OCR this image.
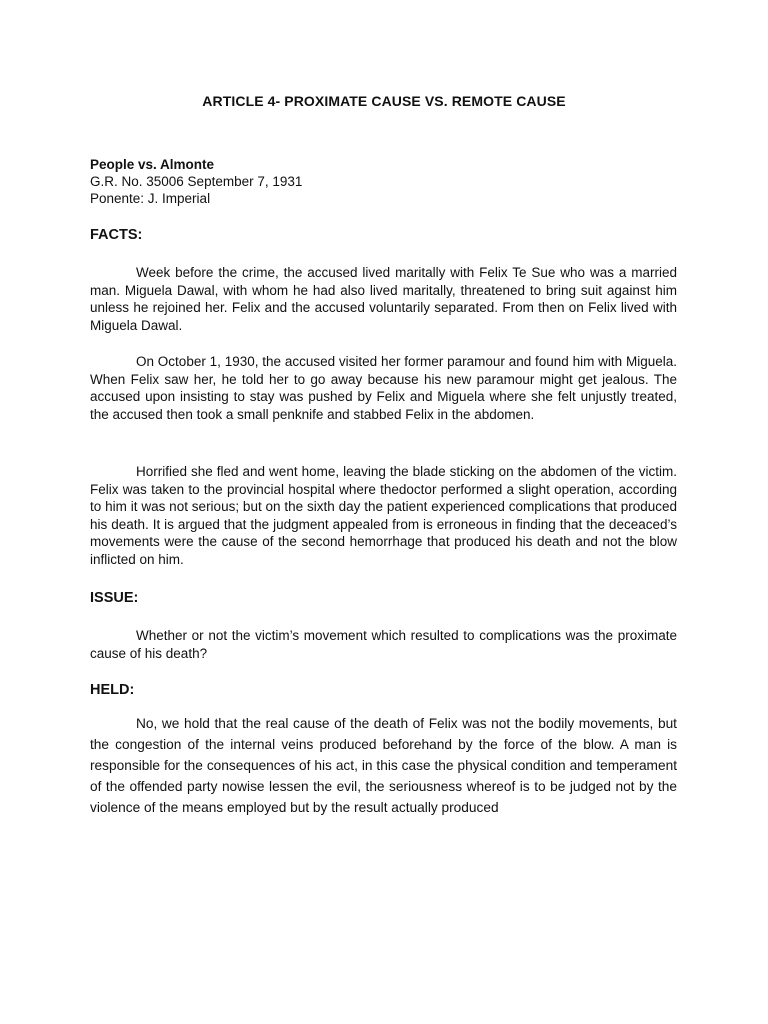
ARTICLE 4- PROXIMATE CAUSE VS. REMOTE CAUSE
People vs. Almonte
G.R. No. 35006 September 7, 1931
Ponente: J. Imperial
FACTS:

Week before the crime, the accused lived maritally with Felix Te Sue who was a married man. Miguela Dawal, with whom he had also lived maritally, threatened to bring suit against him unless he rejoined her. Felix and the accused voluntarily separated. From then on Felix lived with Miguela Dawal.

On October 1, 1930, the accused visited her former paramour and found him with Miguela. When Felix saw her, he told her to go away because his new paramour might get jealous. The accused upon insisting to stay was pushed by Felix and Miguela where she felt unjustly treated, the accused then took a small penknife and stabbed Felix in the abdomen.

Horrified she fled and went home, leaving the blade sticking on the abdomen of the victim. Felix was taken to the provincial hospital where thedoctor performed a slight operation, according to him it was not serious; but on the sixth day the patient experienced complications that produced his death. It is argued that the judgment appealed from is erroneous in finding that the deceaced’s movements were the cause of the second hemorrhage that produced his death and not the blow inflicted on him.

ISSUE:

Whether or not the victim’s movement which resulted to complications was the proximate cause of his death?

HELD:

No, we hold that the real cause of the death of Felix was not the bodily movements, but the congestion of the internal veins produced beforehand by the force of the blow. A man is responsible for the consequences of his act, in this case the physical condition and temperament of the offended party nowise lessen the evil, the seriousness whereof is to be judged not by the violence of the means employed but by the result actually produced
